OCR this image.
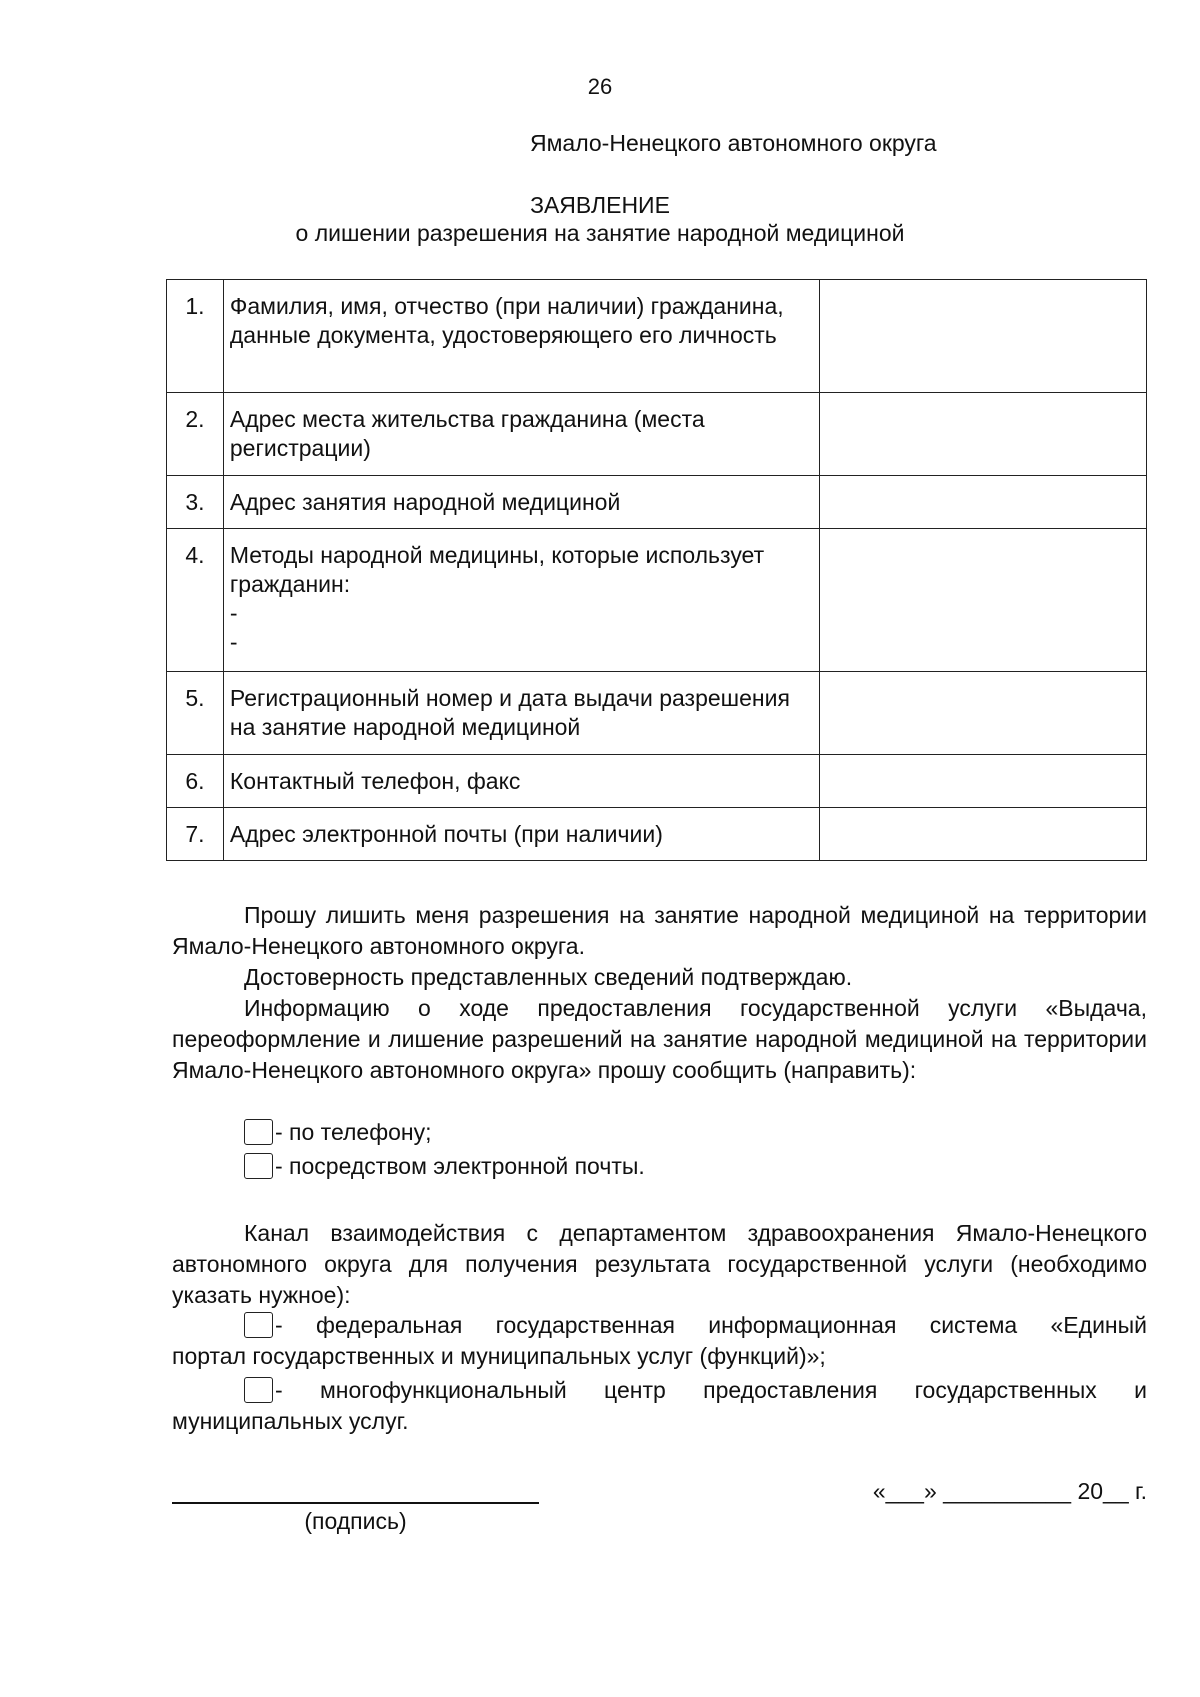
26
Ямало-Ненецкого автономного округа
ЗАЯВЛЕНИЕ
о лишении разрешения на занятие народной медициной
1.	Фамилия, имя, отчество (при наличии) гражданина, данные документа, удостоверяющего его личность	
2.	Адрес места жительства гражданина (места регистрации)	
3.	Адрес занятия народной медициной	
4.	Методы народной медицины, которые использует гражданин:
-
-	
5.	Регистрационный номер и дата выдачи разрешения на занятие народной медициной	
6.	Контактный телефон, факс	
7.	Адрес электронной почты (при наличии)	
Прошу лишить меня разрешения на занятие народной медициной на территории Ямало-Ненецкого автономного округа.
Достоверность представленных сведений подтверждаю.
Информацию о ходе предоставления государственной услуги «Выдача, переоформление и лишение разрешений на занятие народной медициной на территории Ямало-Ненецкого автономного округа» прошу сообщить (направить):
- по телефону;
- посредством электронной почты.
Канал взаимодействия с департаментом здравоохранения Ямало-Ненецкого автономного округа для получения результата государственной услуги (необходимо указать нужное):
- федеральная государственная информационная система «Единый
портал государственных и муниципальных услуг (функций)»;
- многофункциональный центр предоставления государственных и
муниципальных услуг.
(подпись)
«___» __________ 20__ г.
